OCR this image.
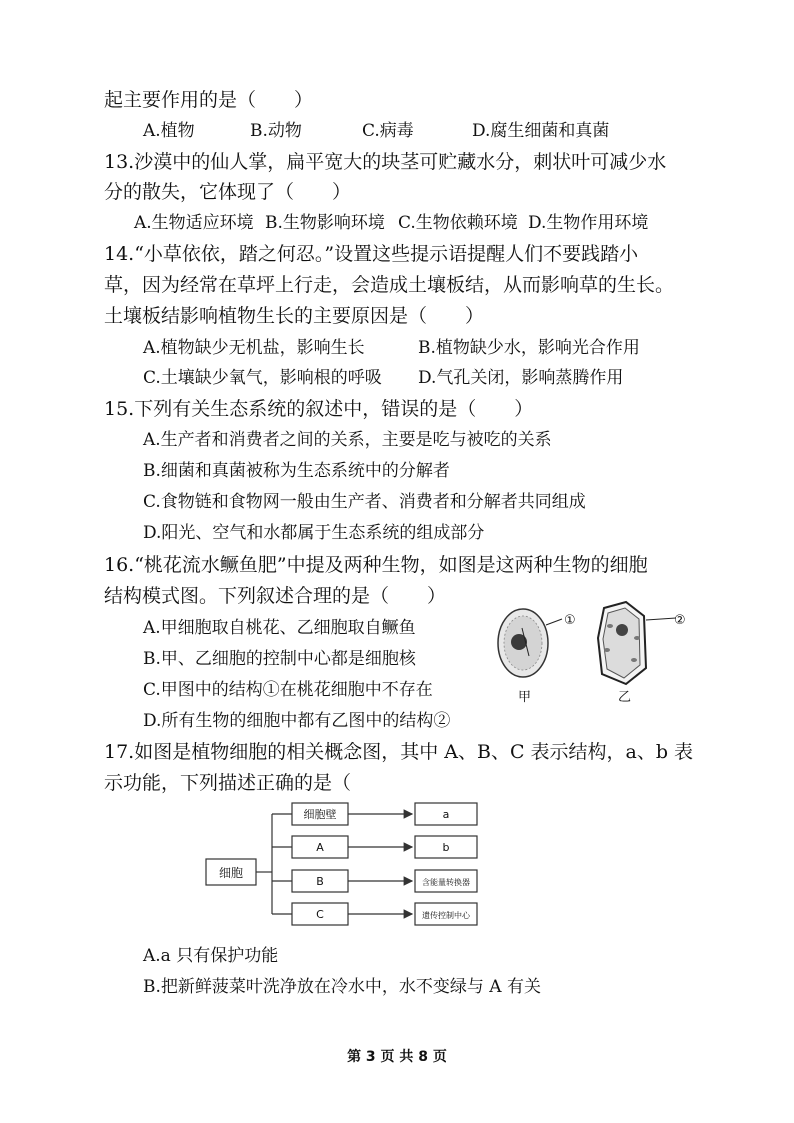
起主要作用的是（　　）
A.植物	B.动物	C.病毒	D.腐生细菌和真菌
13.沙漠中的仙人掌，扁平宽大的块茎可贮藏水分，刺状叶可减少水
分的散失，它体现了（　　）
A.生物适应环境 B.生物影响环境 C.生物依赖环境 D.生物作用环境
14.“小草依依，踏之何忍。”设置这些提示语提醒人们不要践踏小
草，因为经常在草坪上行走，会造成土壤板结，从而影响草的生长。
土壤板结影响植物生长的主要原因是（　　）
A.植物缺少无机盐，影响生长	B.植物缺少水，影响光合作用
C.土壤缺少氧气，影响根的呼吸 D.气孔关闭，影响蒸腾作用
15.下列有关生态系统的叙述中，错误的是（　　）
A.生产者和消费者之间的关系，主要是吃与被吃的关系
B.细菌和真菌被称为生态系统中的分解者
C.食物链和食物网一般由生产者、消费者和分解者共同组成
D.阳光、空气和水都属于生态系统的组成部分
16.“桃花流水鳜鱼肥”中提及两种生物，如图是这两种生物的细胞
结构模式图。下列叙述合理的是（　　）
A.甲细胞取自桃花、乙细胞取自鳜鱼
B.甲、乙细胞的控制中心都是细胞核
C.甲图中的结构①在桃花细胞中不存在
D.所有生物的细胞中都有乙图中的结构②
①	②
甲	乙
17.如图是植物细胞的相关概念图，其中 A、B、C 表示结构，a、b 表
示功能，下列描述正确的是（
细胞
细胞壁
A
B
C
a
b
含能量转换器
遗传控制中心
A.a 只有保护功能
B.把新鲜菠菜叶洗净放在冷水中，水不变绿与 A 有关
第 3 页 共 8 页
